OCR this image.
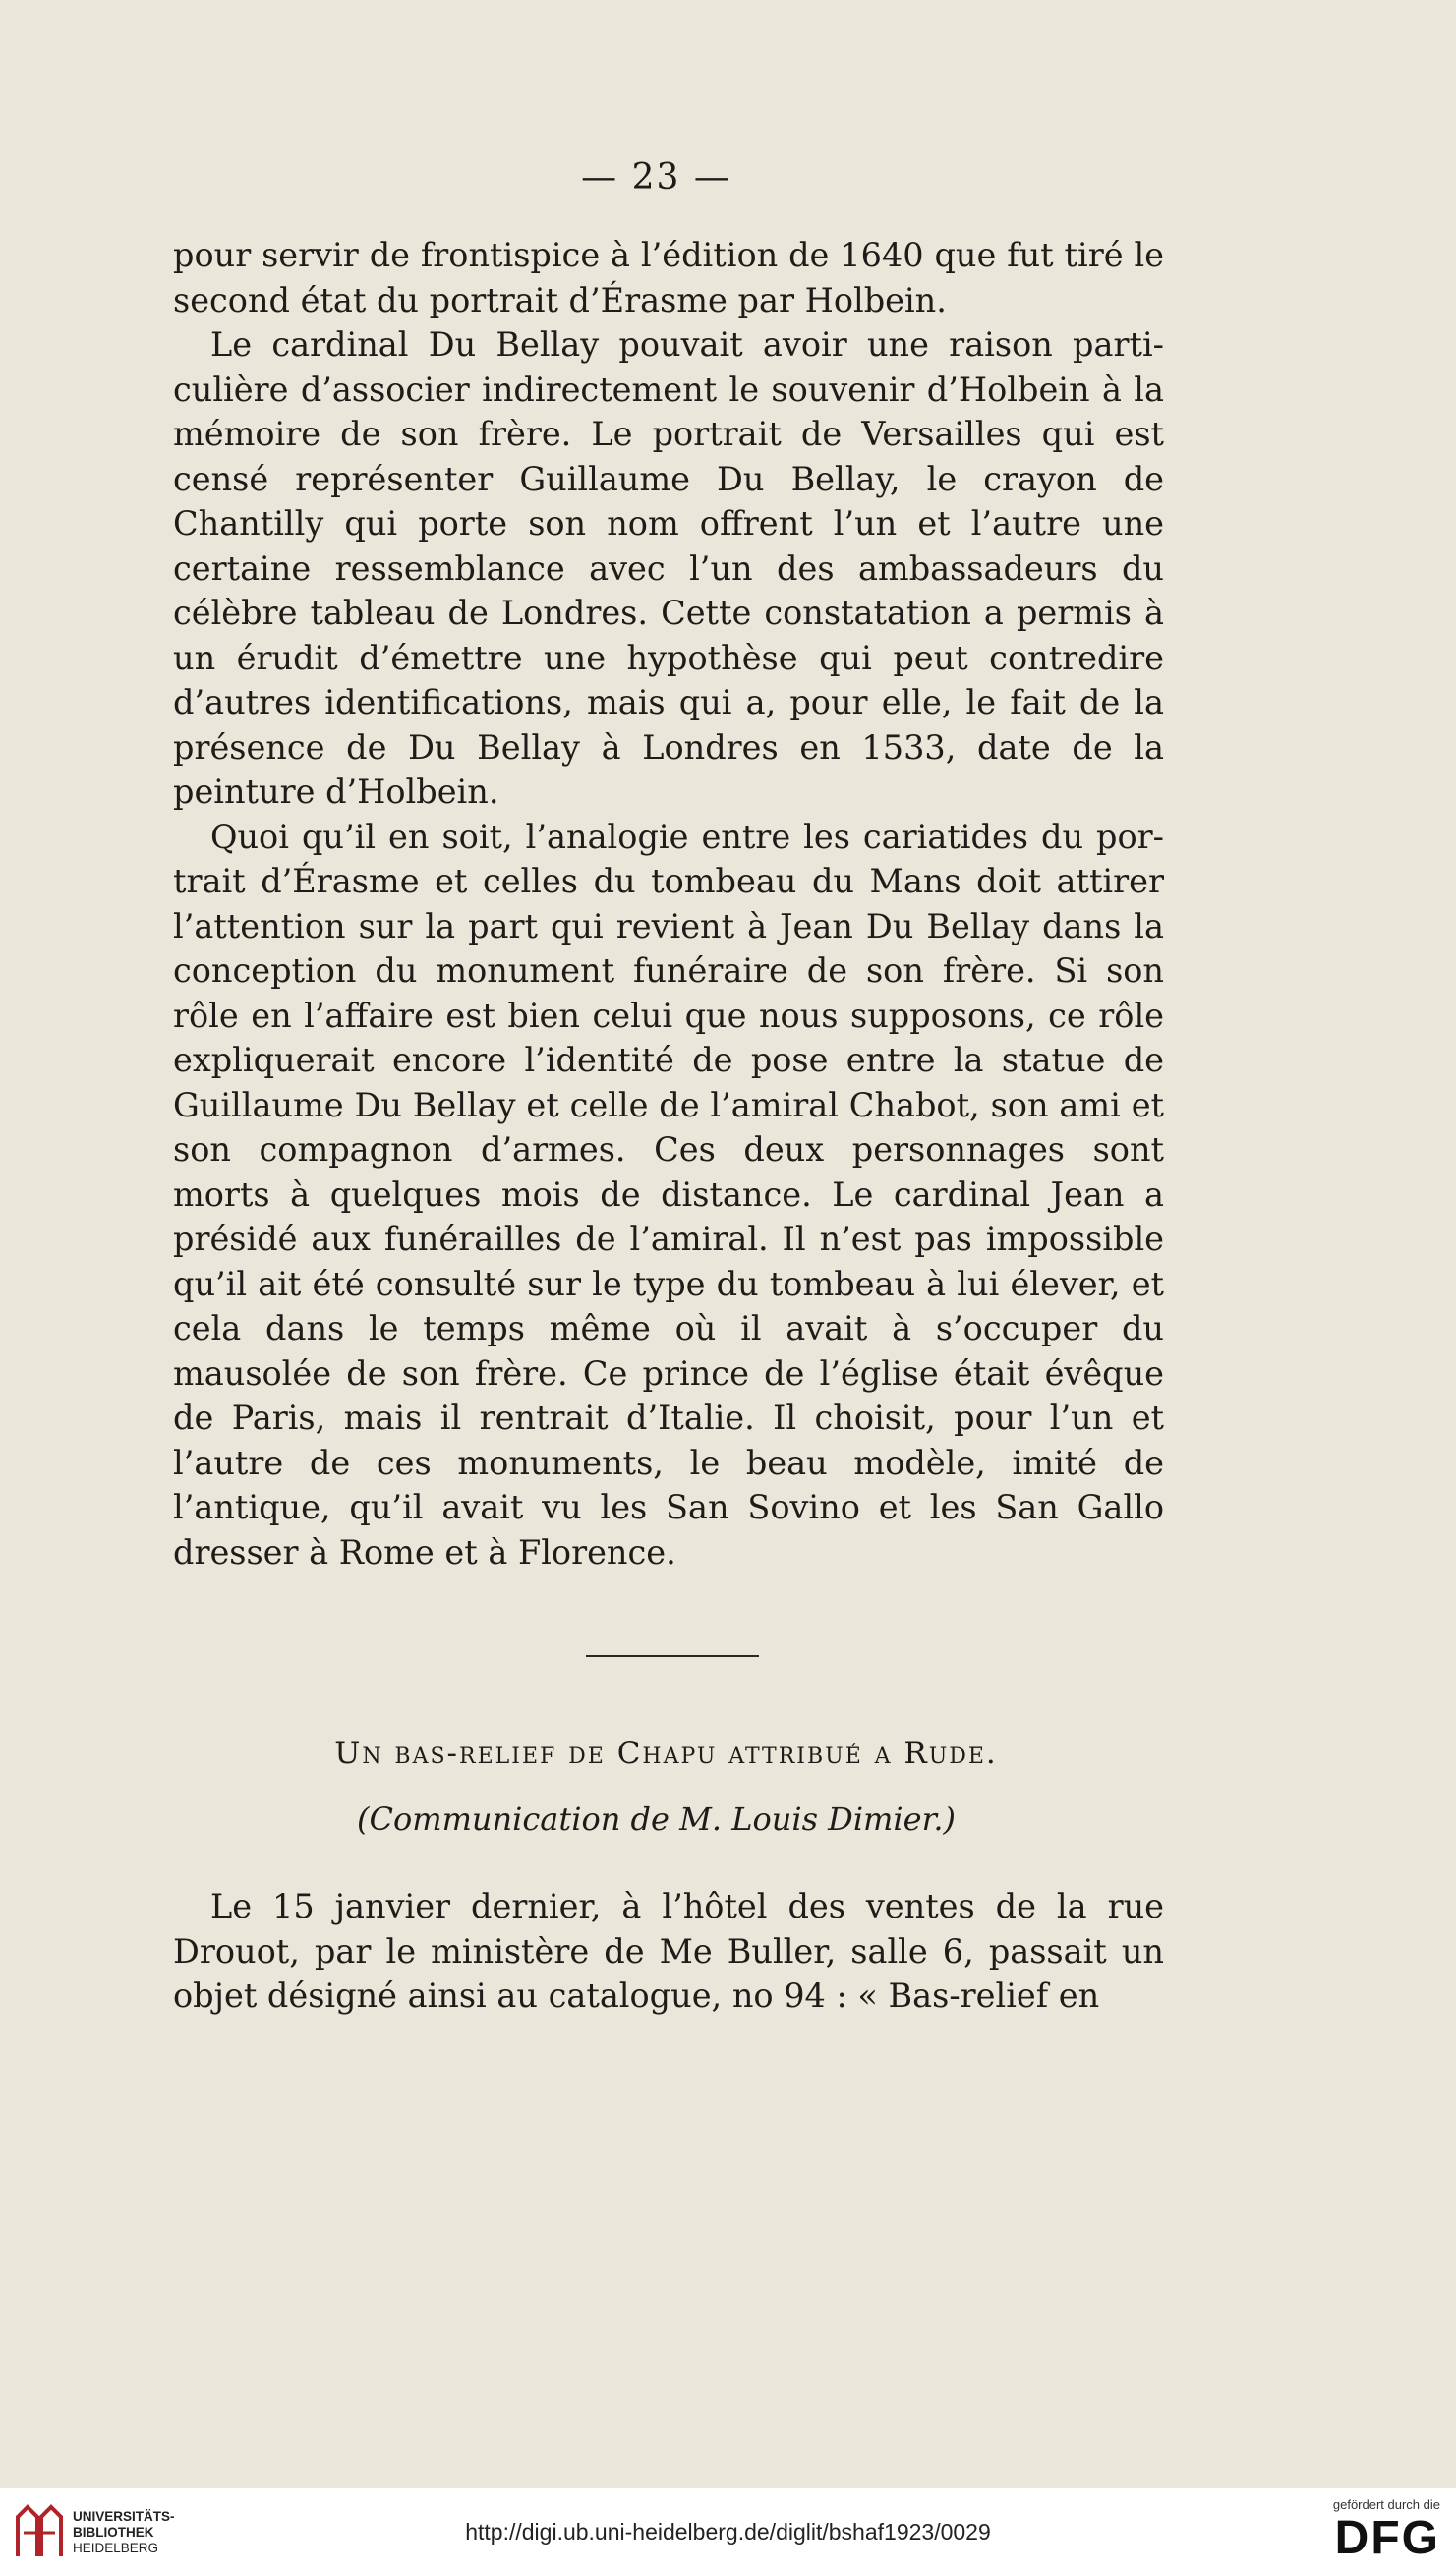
— 23 —

pour servir de frontispice à l’édition de 1640 que fut tiré le second état du portrait d’Érasme par Holbein.

Le cardinal Du Bellay pouvait avoir une raison particulière d’associer indirectement le souvenir d’Holbein à la mémoire de son frère. Le portrait de Versailles qui est censé représenter Guillaume Du Bellay, le crayon de Chantilly qui porte son nom offrent l’un et l’autre une certaine ressemblance avec l’un des ambassadeurs du célèbre tableau de Londres. Cette constatation a permis à un érudit d’émettre une hypothèse qui peut contredire d’autres identifications, mais qui a, pour elle, le fait de la présence de Du Bellay à Londres en 1533, date de la peinture d’Holbein.

Quoi qu’il en soit, l’analogie entre les cariatides du portrait d’Érasme et celles du tombeau du Mans doit attirer l’attention sur la part qui revient à Jean Du Bellay dans la conception du monument funéraire de son frère. Si son rôle en l’affaire est bien celui que nous supposons, ce rôle expliquerait encore l’identité de pose entre la statue de Guillaume Du Bellay et celle de l’amiral Chabot, son ami et son compagnon d’armes. Ces deux personnages sont morts à quelques mois de distance. Le cardinal Jean a présidé aux funérailles de l’amiral. Il n’est pas impossible qu’il ait été consulté sur le type du tombeau à lui élever, et cela dans le temps même où il avait à s’occuper du mausolée de son frère. Ce prince de l’église était évêque de Paris, mais il rentrait d’Italie. Il choisit, pour l’un et l’autre de ces monuments, le beau modèle, imité de l’antique, qu’il avait vu les San Sovino et les San Gallo dresser à Rome et à Florence.

Un bas-relief de Chapu attribué a Rude.
(Communication de M. Louis Dimier.)

Le 15 janvier dernier, à l’hôtel des ventes de la rue Drouot, par le ministère de Me Buller, salle 6, passait un objet désigné ainsi au catalogue, no 94 : « Bas-relief en

UNIVERSITÄTS-
BIBLIOTHEK
HEIDELBERG
http://digi.ub.uni-heidelberg.de/diglit/bshaf1923/0029
gefördert durch die
DFG
